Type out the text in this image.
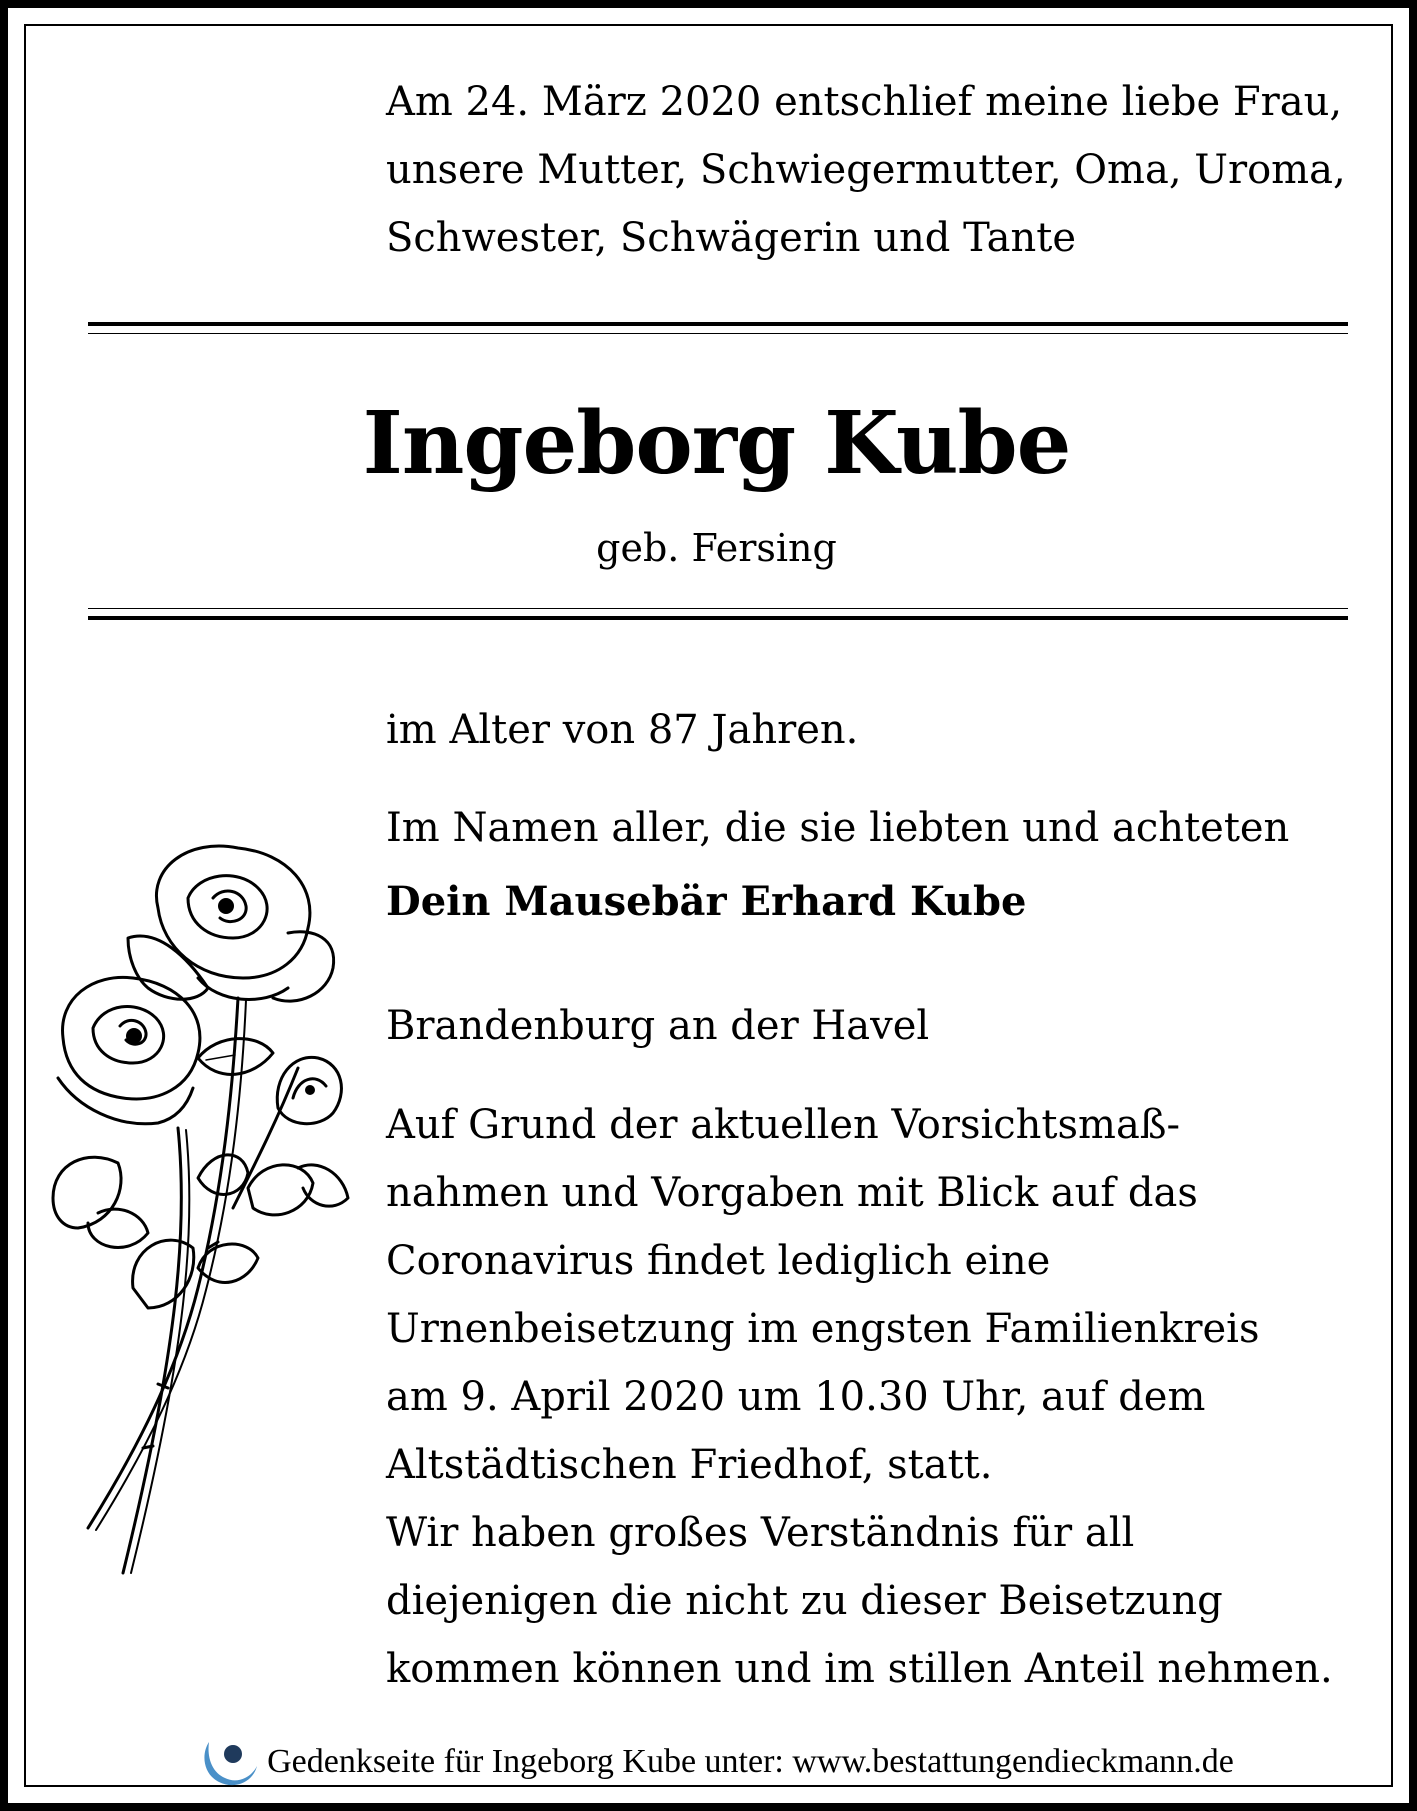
Am 24. März 2020 entschlief meine liebe Frau,
unsere Mutter, Schwiegermutter, Oma, Uroma,
Schwester, Schwägerin und Tante
Ingeborg Kube
geb. Fersing
im Alter von 87 Jahren.
Im Namen aller, die sie liebten und achteten
Dein Mausebär Erhard Kube
Brandenburg an der Havel
Auf Grund der aktuellen Vorsichtsmaß-
nahmen und Vorgaben mit Blick auf das
Coronavirus findet lediglich eine
Urnenbeisetzung im engsten Familienkreis
am 9. April 2020 um 10.30 Uhr, auf dem
Altstädtischen Friedhof, statt.
Wir haben großes Verständnis für all
diejenigen die nicht zu dieser Beisetzung
kommen können und im stillen Anteil nehmen.
Gedenkseite für Ingeborg Kube unter: www.bestattungendieckmann.de
